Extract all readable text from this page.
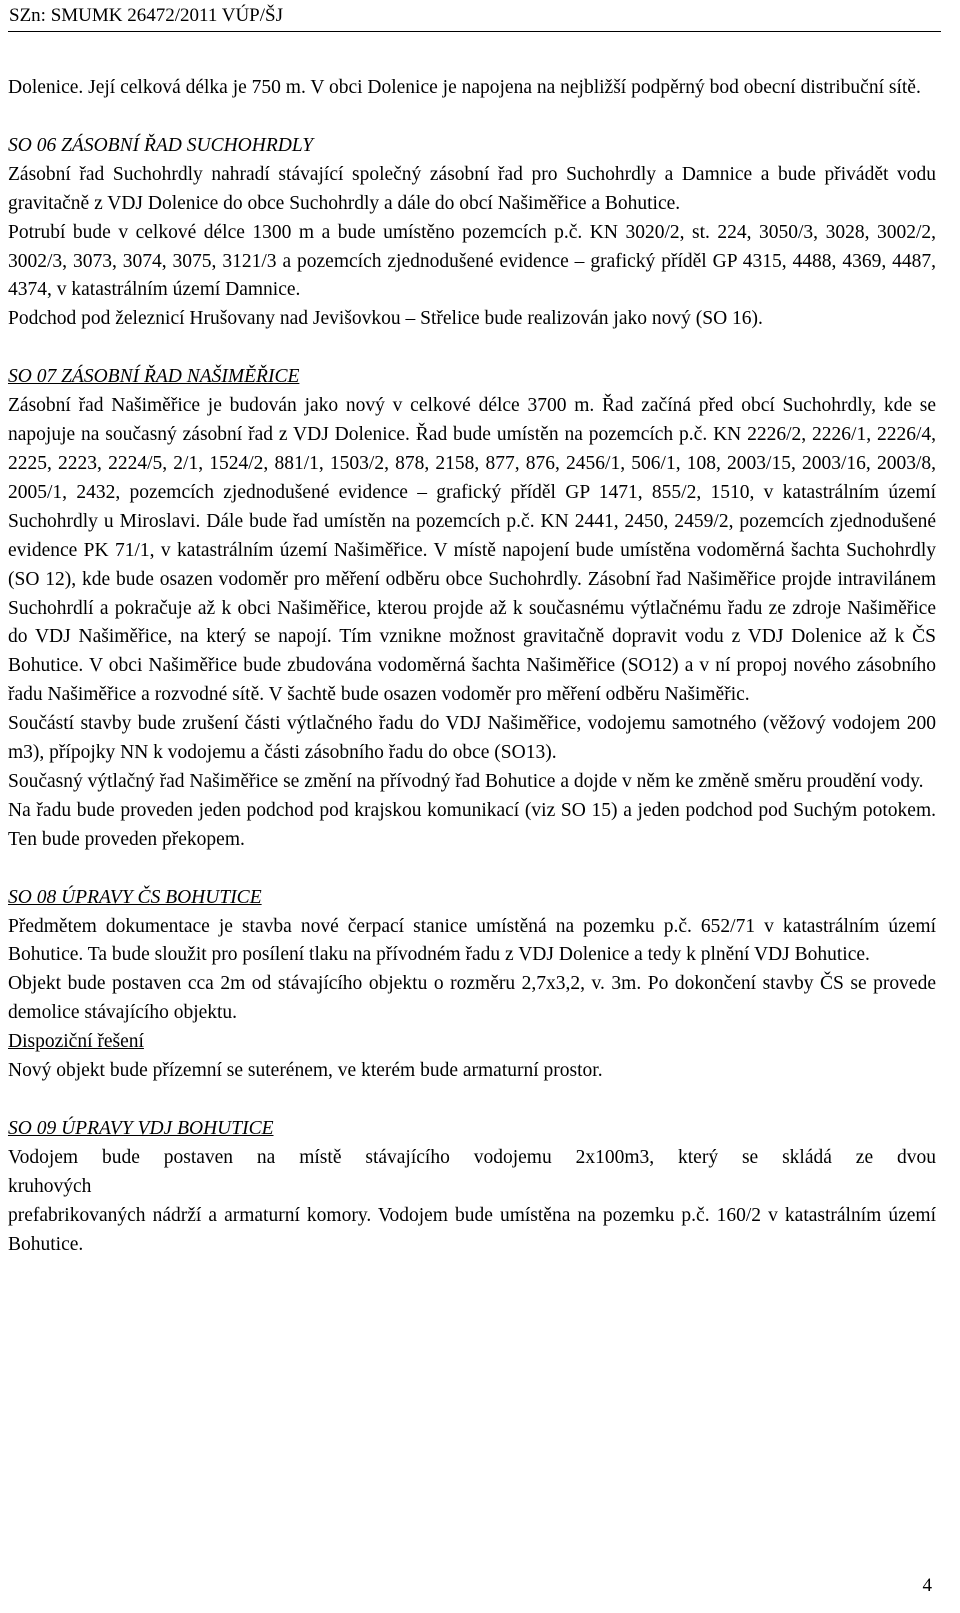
SZn: SMUMK 26472/2011 VÚP/ŠJ

Dolenice. Její celková délka je 750 m. V obci Dolenice je napojena na nejbližší podpěrný bod obecní distribuční sítě.

SO 06 ZÁSOBNÍ ŘAD SUCHOHRDLY

Zásobní řad Suchohrdly nahradí stávající společný zásobní řad pro Suchohrdly a Damnice a bude přivádět vodu gravitačně z VDJ Dolenice do obce Suchohrdly a dále do obcí Našiměřice a Bohutice.

Potrubí bude v celkové délce 1300 m a bude umístěno pozemcích p.č. KN 3020/2, st. 224, 3050/3, 3028, 3002/2, 3002/3, 3073, 3074, 3075, 3121/3 a pozemcích zjednodušené evidence – grafický příděl GP 4315, 4488, 4369, 4487, 4374, v katastrálním území Damnice.

Podchod pod železnicí Hrušovany nad Jevišovkou – Střelice bude realizován jako nový (SO 16).

SO 07 ZÁSOBNÍ ŘAD NAŠIMĚŘICE

Zásobní řad Našiměřice je budován jako nový v celkové délce 3700 m. Řad začíná před obcí Suchohrdly, kde se napojuje na současný zásobní řad z VDJ Dolenice. Řad bude umístěn na pozemcích p.č. KN 2226/2, 2226/1, 2226/4, 2225, 2223, 2224/5, 2/1, 1524/2, 881/1, 1503/2, 878, 2158, 877, 876, 2456/1, 506/1, 108, 2003/15, 2003/16, 2003/8, 2005/1, 2432, pozemcích zjednodušené evidence – grafický příděl GP 1471, 855/2, 1510, v katastrálním území Suchohrdly u Miroslavi. Dále bude řad umístěn na pozemcích p.č. KN 2441, 2450, 2459/2, pozemcích zjednodušené evidence PK 71/1, v katastrálním území Našiměřice. V místě napojení bude umístěna vodoměrná šachta Suchohrdly (SO 12), kde bude osazen vodoměr pro měření odběru obce Suchohrdly. Zásobní řad Našiměřice projde intravilánem Suchohrdlí a pokračuje až k obci Našiměřice, kterou projde až k současnému výtlačnému řadu ze zdroje Našiměřice do VDJ Našiměřice, na který se napojí. Tím vznikne možnost gravitačně dopravit vodu z VDJ Dolenice až k ČS Bohutice. V obci Našiměřice bude zbudována vodoměrná šachta Našiměřice (SO12) a v ní propoj nového zásobního řadu Našiměřice a rozvodné sítě. V šachtě bude osazen vodoměr pro měření odběru Našiměřic.

Součástí stavby bude zrušení části výtlačného řadu do VDJ Našiměřice, vodojemu samotného (věžový vodojem 200 m3), přípojky NN k vodojemu a části zásobního řadu do obce (SO13).

Současný výtlačný řad Našiměřice se změní na přívodný řad Bohutice a dojde v něm ke změně směru proudění vody.

Na řadu bude proveden jeden podchod pod krajskou komunikací (viz SO 15) a jeden podchod pod Suchým potokem. Ten bude proveden překopem.

SO 08 ÚPRAVY ČS BOHUTICE

Předmětem dokumentace je stavba nové čerpací stanice umístěná na pozemku p.č. 652/71 v katastrálním území Bohutice. Ta bude sloužit pro posílení tlaku na přívodném řadu z VDJ Dolenice a tedy k plnění VDJ Bohutice.

Objekt bude postaven cca 2m od stávajícího objektu o rozměru 2,7x3,2, v. 3m. Po dokončení stavby ČS se provede demolice stávajícího objektu.

Dispoziční řešení

Nový objekt bude přízemní se suterénem, ve kterém bude armaturní prostor.

SO 09 ÚPRAVY VDJ BOHUTICE

Vodojem bude postaven na místě stávajícího vodojemu 2x100m3, který se skládá ze dvou

kruhových

prefabrikovaných nádrží a armaturní komory. Vodojem bude umístěna na pozemku p.č. 160/2 v katastrálním území Bohutice.

4
